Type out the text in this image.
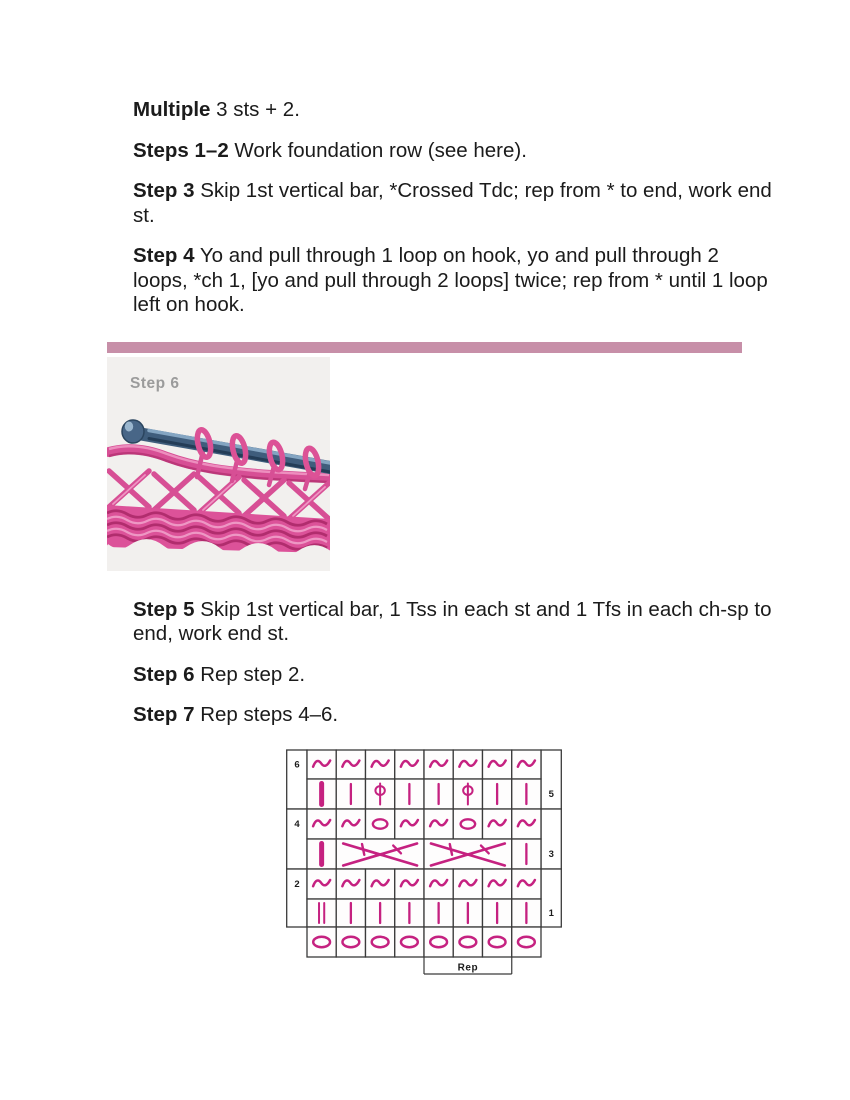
Multiple 3 sts + 2.

Steps 1–2 Work foundation row (see here).

Step 3 Skip 1st vertical bar, *Crossed Tdc; rep from * to end, work end st.

Step 4 Yo and pull through 1 loop on hook, yo and pull through 2 loops, *ch 1, [yo and pull through 2 loops] twice; rep from * until 1 loop left on hook.

Step 6

Step 5 Skip 1st vertical bar, 1 Tss in each st and 1 Tfs in each ch-sp to end, work end st.

Step 6 Rep step 2.

Step 7 Rep steps 4–6.

6
5
4
3
2
1
Rep
